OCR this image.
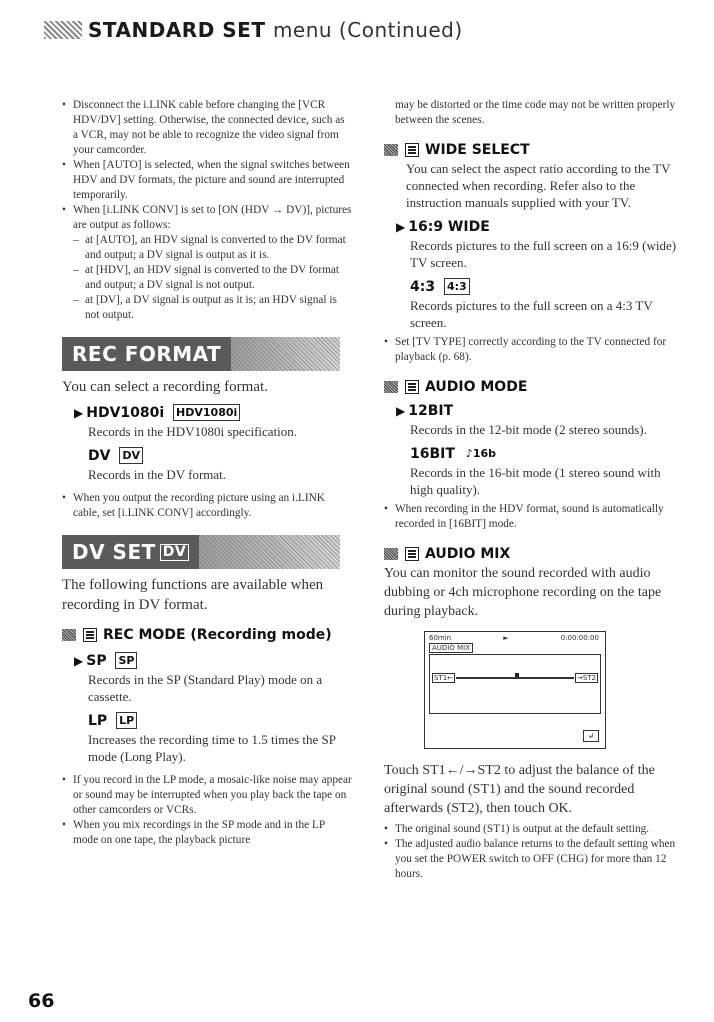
STANDARD SET
menu (Continued)
• Disconnect the i.LINK cable before changing the [VCR HDV/DV] setting. Otherwise, the connected device, such as a VCR, may not be able to recognize the video signal from your camcorder.
• When [AUTO] is selected, when the signal switches between HDV and DV formats, the picture and sound are interrupted temporarily.
• When [i.LINK CONV] is set to [ON (HDV → DV)], pictures are output as follows:
– at [AUTO], an HDV signal is converted to the DV format and output; a DV signal is output as it is.
– at [HDV], an HDV signal is converted to the DV format and output; a DV signal is not output.
– at [DV], a DV signal is output as it is; an HDV signal is not output.
REC FORMAT
You can select a recording format.
▶ HDV1080i HDV1080i
Records in the HDV1080i specification.
DV DV
Records in the DV format.
• When you output the recording picture using an i.LINK cable, set [i.LINK CONV] accordingly.
DV SET DV
The following functions are available when recording in DV format.
REC MODE (Recording mode)
▶ SP SP
Records in the SP (Standard Play) mode on a cassette.
LP LP
Increases the recording time to 1.5 times the SP mode (Long Play).
• If you record in the LP mode, a mosaic-like noise may appear or sound may be interrupted when you play back the tape on other camcorders or VCRs.
• When you mix recordings in the SP mode and in the LP mode on one tape, the playback picture
may be distorted or the time code may not be written properly between the scenes.
WIDE SELECT
You can select the aspect ratio according to the TV connected when recording. Refer also to the instruction manuals supplied with your TV.
▶ 16:9 WIDE
Records pictures to the full screen on a 16:9 (wide) TV screen.
4:3 4:3
Records pictures to the full screen on a 4:3 TV screen.
• Set [TV TYPE] correctly according to the TV connected for playback (p. 68).
AUDIO MODE
▶ 12BIT
Records in the 12-bit mode (2 stereo sounds).
16BIT ♪16b
Records in the 16-bit mode (1 stereo sound with high quality).
• When recording in the HDV format, sound is automatically recorded in [16BIT] mode.
AUDIO MIX
You can monitor the sound recorded with audio dubbing or 4ch microphone recording on the tape during playback.
60min	►	0:00:00:00
AUDIO MIX
ST1←	→ST2
↲
Touch ST1←/→ST2 to adjust the balance of the original sound (ST1) and the sound recorded afterwards (ST2), then touch OK.
• The original sound (ST1) is output at the default setting.
• The adjusted audio balance returns to the default setting when you set the POWER switch to OFF (CHG) for more than 12 hours.
66
